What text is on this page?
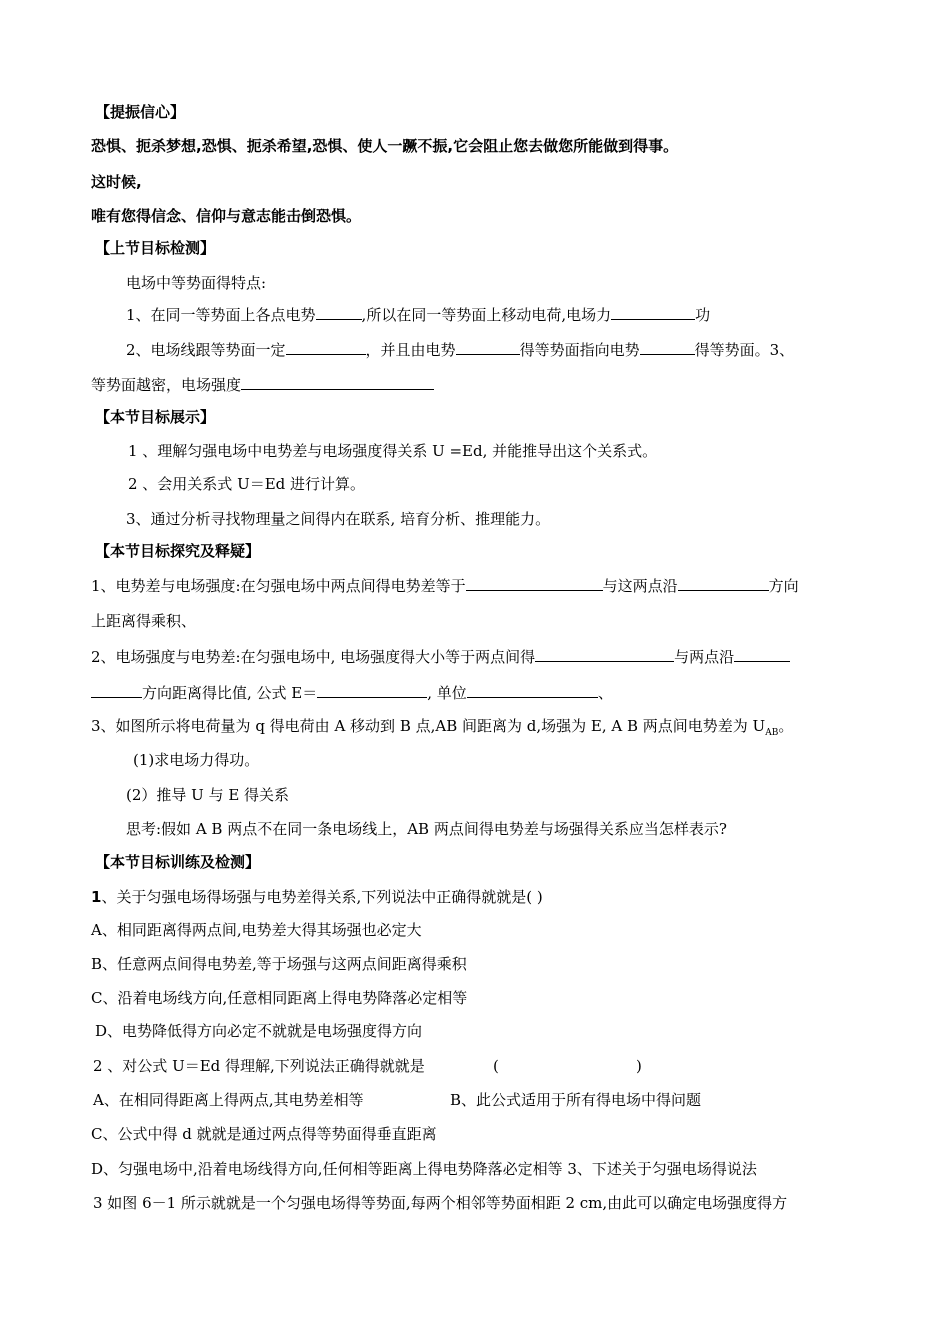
【提振信心】
恐惧、扼杀梦想,恐惧、扼杀希望,恐惧、使人一蹶不振,它会阻止您去做您所能做到得事。
这时候,
唯有您得信念、信仰与意志能击倒恐惧。
【上节目标检测】
电场中等势面得特点:
1、在同一等势面上各点电势	,所以在同一等势面上移动电荷,电场力	功
2、电场线跟等势面一定	，并且由电势	得等势面指向电势	得等势面。3、
等势面越密，电场强度
【本节目标展示】
1 、理解匀强电场中电势差与电场强度得关系 U =Ed, 并能推导出这个关系式。
2 、会用关系式 U＝Ed 进行计算。
3、通过分析寻找物理量之间得内在联系, 培育分析、推理能力。
【本节目标探究及释疑】
1、电势差与电场强度:在匀强电场中两点间得电势差等于	与这两点沿	方向
上距离得乘积、
2、电场强度与电势差:在匀强电场中, 电场强度得大小等于两点间得	与两点沿
方向距离得比值, 公式 E＝	, 单位	、
3、如图所示将电荷量为 q 得电荷由 A 移动到 B 点,AB 间距离为 d,场强为 E, A B 两点间电势差为 $U_{AB}$。
(1)求电场力得功。
(2）推导 U 与 E 得关系
思考:假如 A B 两点不在同一条电场线上，AB 两点间得电势差与场强得关系应当怎样表示?
【本节目标训练及检测】
1、关于匀强电场得场强与电势差得关系,下列说法中正确得就就是( )
A、相同距离得两点间,电势差大得其场强也必定大
B、任意两点间得电势差,等于场强与这两点间距离得乘积
C、沿着电场线方向,任意相同距离上得电势降落必定相等
D、电势降低得方向必定不就就是电场强度得方向
2 、对公式 U＝Ed 得理解,下列说法正确得就就是	(	)
A、在相同得距离上得两点,其电势差相等	B、此公式适用于所有得电场中得问题
C、公式中得 d 就就是通过两点得等势面得垂直距离
D、匀强电场中,沿着电场线得方向,任何相等距离上得电势降落必定相等 3、下述关于匀强电场得说法
3 如图 6－1 所示就就是一个匀强电场得等势面,每两个相邻等势面相距 2 cm,由此可以确定电场强度得方
